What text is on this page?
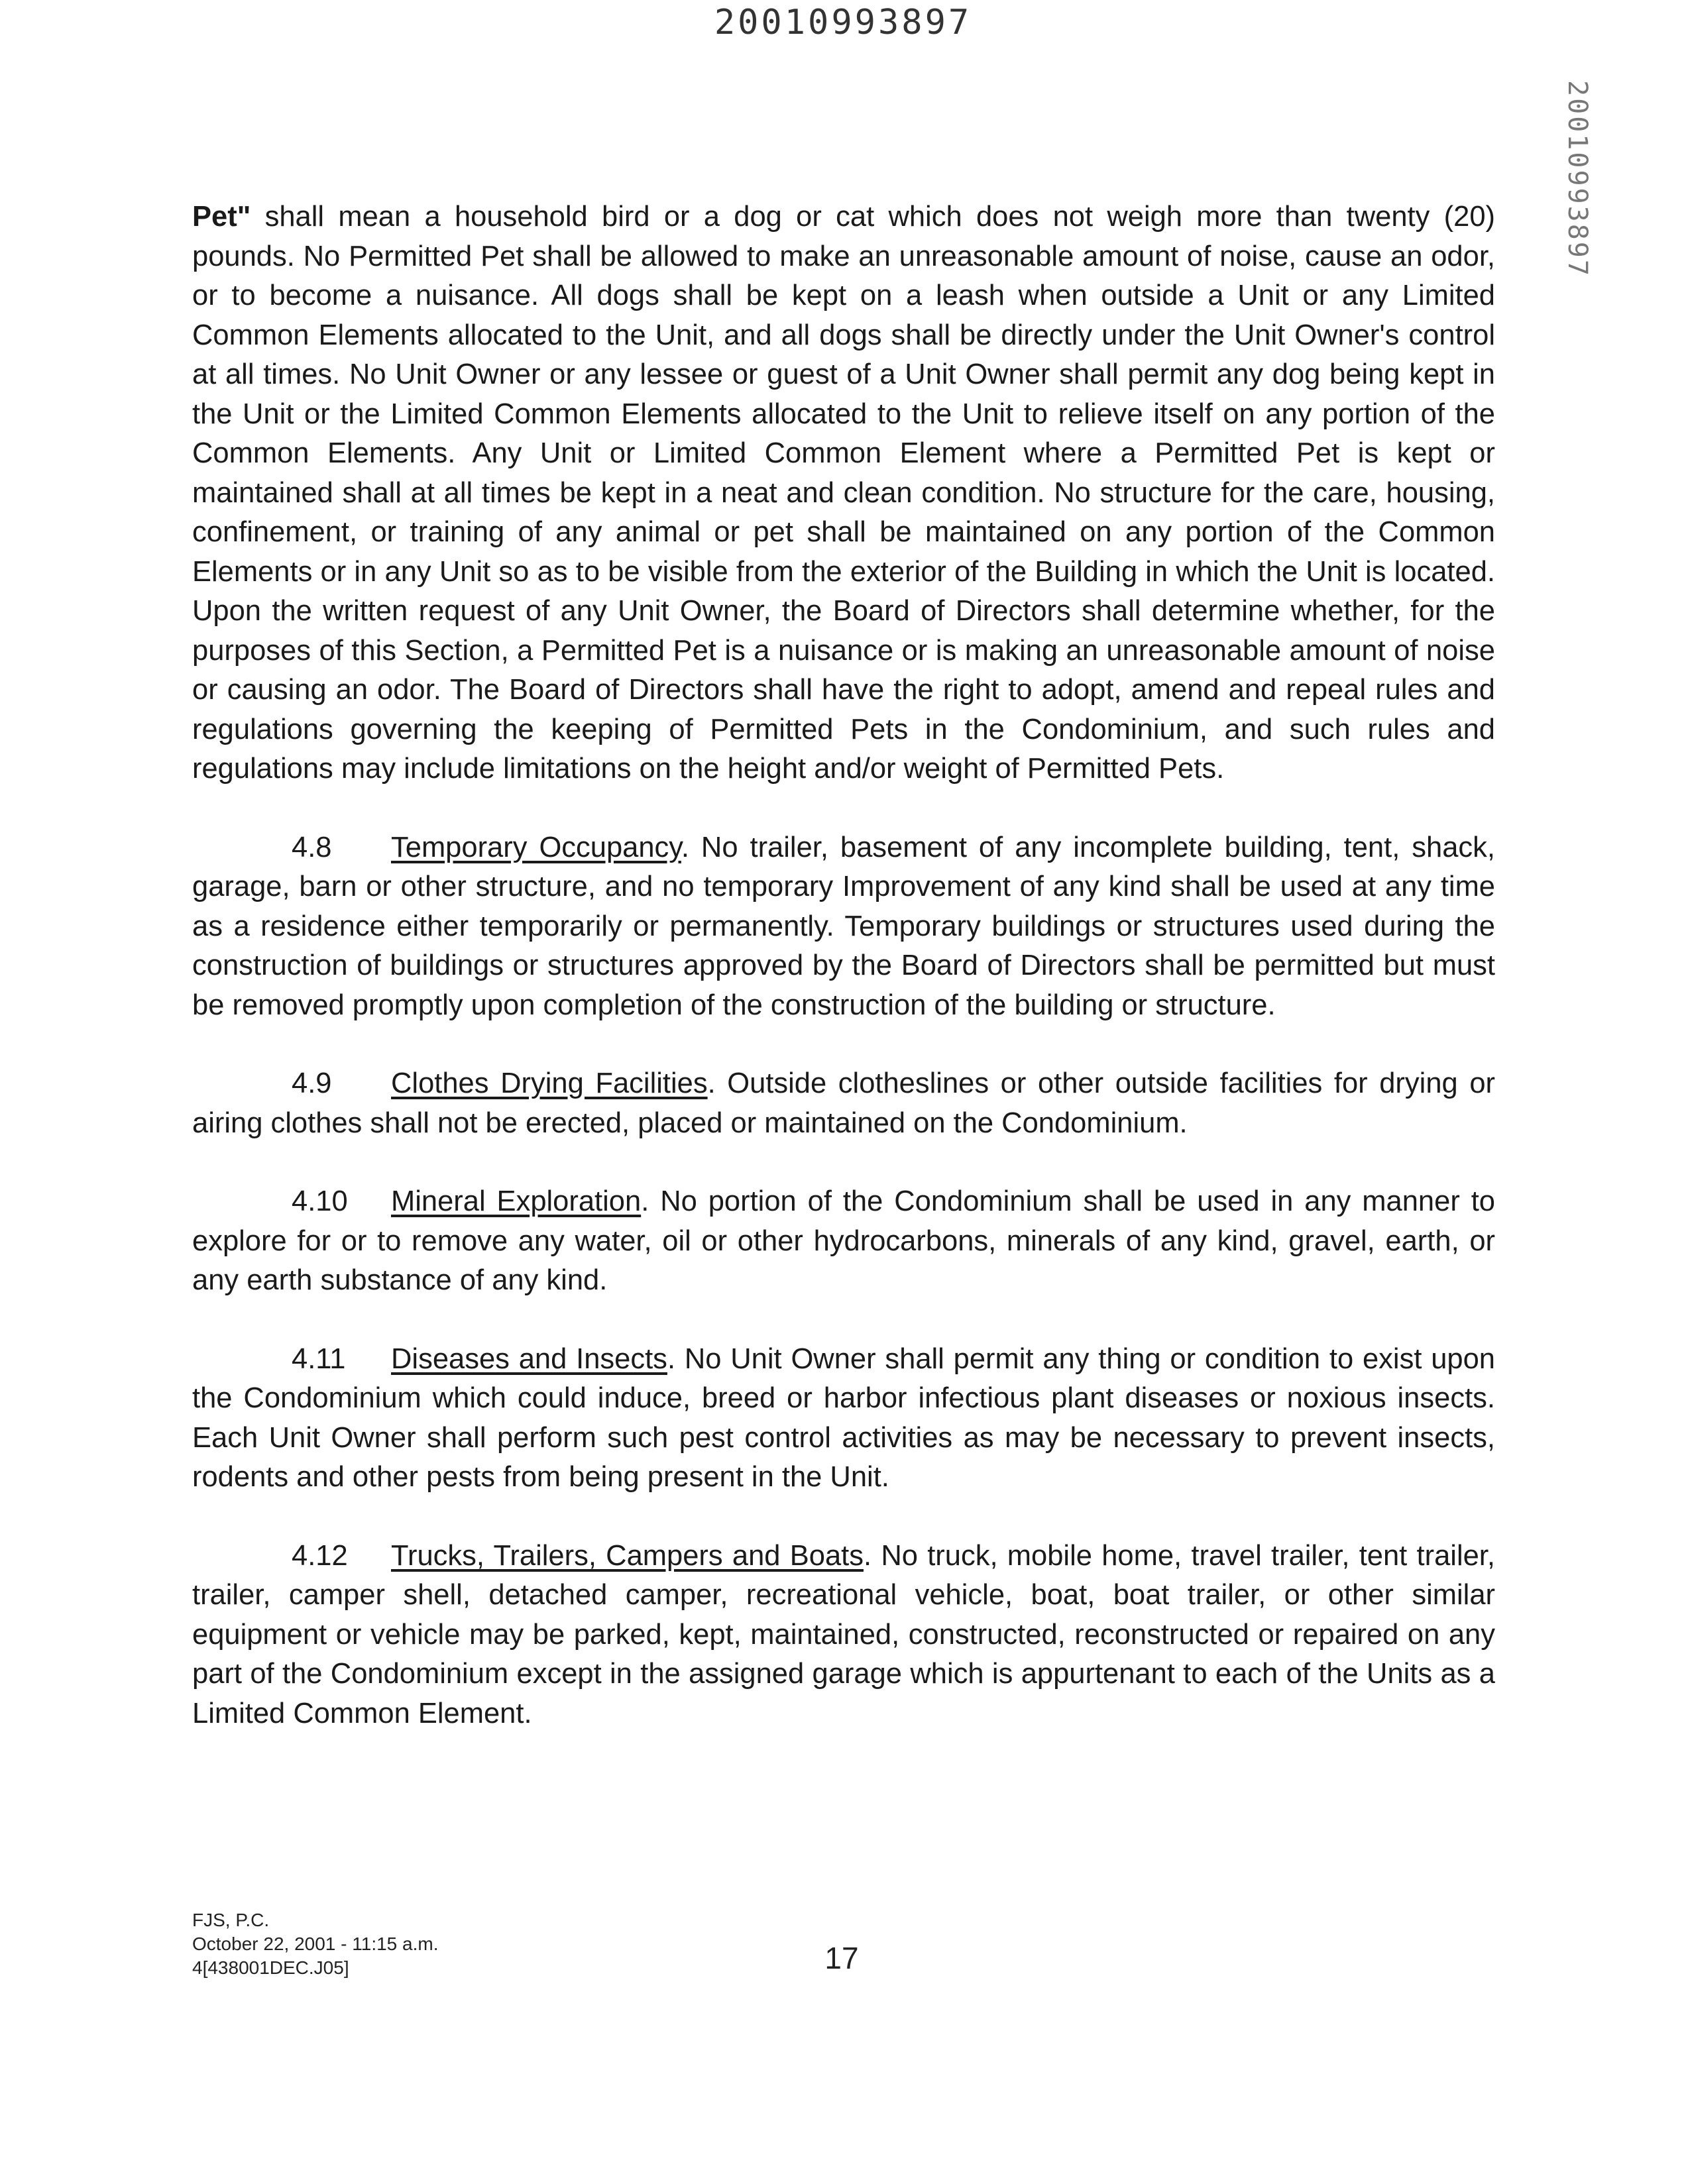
20010993897
20010993897

Pet" shall mean a household bird or a dog or cat which does not weigh more than twenty (20) pounds. No Permitted Pet shall be allowed to make an unreasonable amount of noise, cause an odor, or to become a nuisance. All dogs shall be kept on a leash when outside a Unit or any Limited Common Elements allocated to the Unit, and all dogs shall be directly under the Unit Owner's control at all times. No Unit Owner or any lessee or guest of a Unit Owner shall permit any dog being kept in the Unit or the Limited Common Elements allocated to the Unit to relieve itself on any portion of the Common Elements. Any Unit or Limited Common Element where a Permitted Pet is kept or maintained shall at all times be kept in a neat and clean condition. No structure for the care, housing, confinement, or training of any animal or pet shall be maintained on any portion of the Common Elements or in any Unit so as to be visible from the exterior of the Building in which the Unit is located. Upon the written request of any Unit Owner, the Board of Directors shall determine whether, for the purposes of this Section, a Permitted Pet is a nuisance or is making an unreasonable amount of noise or causing an odor. The Board of Directors shall have the right to adopt, amend and repeal rules and regulations governing the keeping of Permitted Pets in the Condominium, and such rules and regulations may include limitations on the height and/or weight of Permitted Pets.

4.8 Temporary Occupancy. No trailer, basement of any incomplete building, tent, shack, garage, barn or other structure, and no temporary Improvement of any kind shall be used at any time as a residence either temporarily or permanently. Temporary buildings or structures used during the construction of buildings or structures approved by the Board of Directors shall be permitted but must be removed promptly upon completion of the construction of the building or structure.

4.9 Clothes Drying Facilities. Outside clotheslines or other outside facilities for drying or airing clothes shall not be erected, placed or maintained on the Condominium.

4.10 Mineral Exploration. No portion of the Condominium shall be used in any manner to explore for or to remove any water, oil or other hydrocarbons, minerals of any kind, gravel, earth, or any earth substance of any kind.

4.11 Diseases and Insects. No Unit Owner shall permit any thing or condition to exist upon the Condominium which could induce, breed or harbor infectious plant diseases or noxious insects. Each Unit Owner shall perform such pest control activities as may be necessary to prevent insects, rodents and other pests from being present in the Unit.

4.12 Trucks, Trailers, Campers and Boats. No truck, mobile home, travel trailer, tent trailer, trailer, camper shell, detached camper, recreational vehicle, boat, boat trailer, or other similar equipment or vehicle may be parked, kept, maintained, constructed, reconstructed or repaired on any part of the Condominium except in the assigned garage which is appurtenant to each of the Units as a Limited Common Element.

FJS, P.C.
October 22, 2001 - 11:15 a.m.
4[438001DEC.J05]	17
